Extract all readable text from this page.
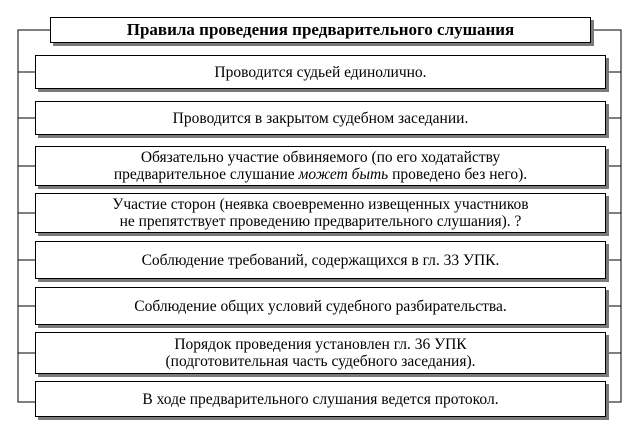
Правила проведения предварительного слушания
Проводится судьей единолично.
Проводится в закрытом судебном заседании.
Обязательно участие обвиняемого (по его ходатайству
предварительное слушание может быть проведено без него).
Участие сторон (неявка своевременно извещенных участников
не препятствует проведению предварительного слушания). ?
Соблюдение требований, содержащихся в гл. 33 УПК.
Соблюдение общих условий судебного разбирательства.
Порядок проведения установлен гл. 36 УПК
(подготовительная часть судебного заседания).
В ходе предварительного слушания ведется протокол.
